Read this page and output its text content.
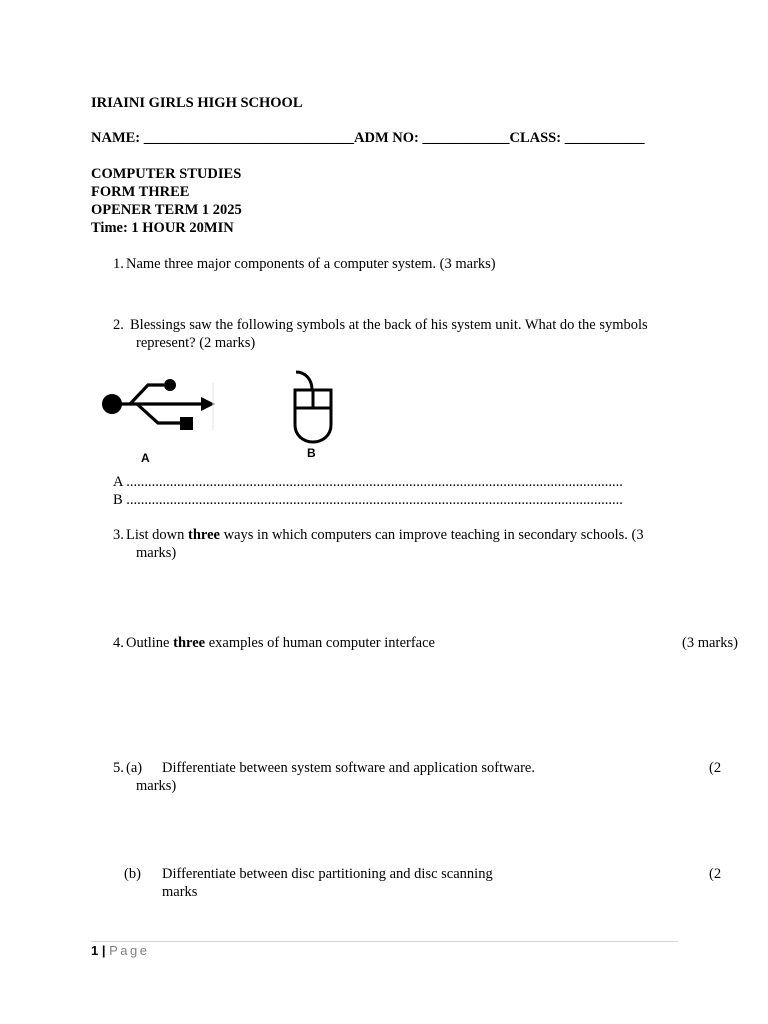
IRIAINI GIRLS HIGH SCHOOL
NAME: _____________________________ADM NO: ____________CLASS: ___________
COMPUTER STUDIES
FORM THREE
OPENER TERM 1 2025
Time: 1 HOUR 20MIN
1. Name three major components of a computer system. (3 marks)
2. Blessings saw the following symbols at the back of his system unit. What do the symbols
represent? (2 marks)
A	B
A .........................................................................................................................................
B .........................................................................................................................................
3. List down three ways in which computers can improve teaching in secondary schools. (3
marks)
4. Outline three examples of human computer interface	(3 marks)
5. (a) Differentiate between system software and application software.	(2
marks)
(b) Differentiate between disc partitioning and disc scanning	(2
marks
1 | Page
